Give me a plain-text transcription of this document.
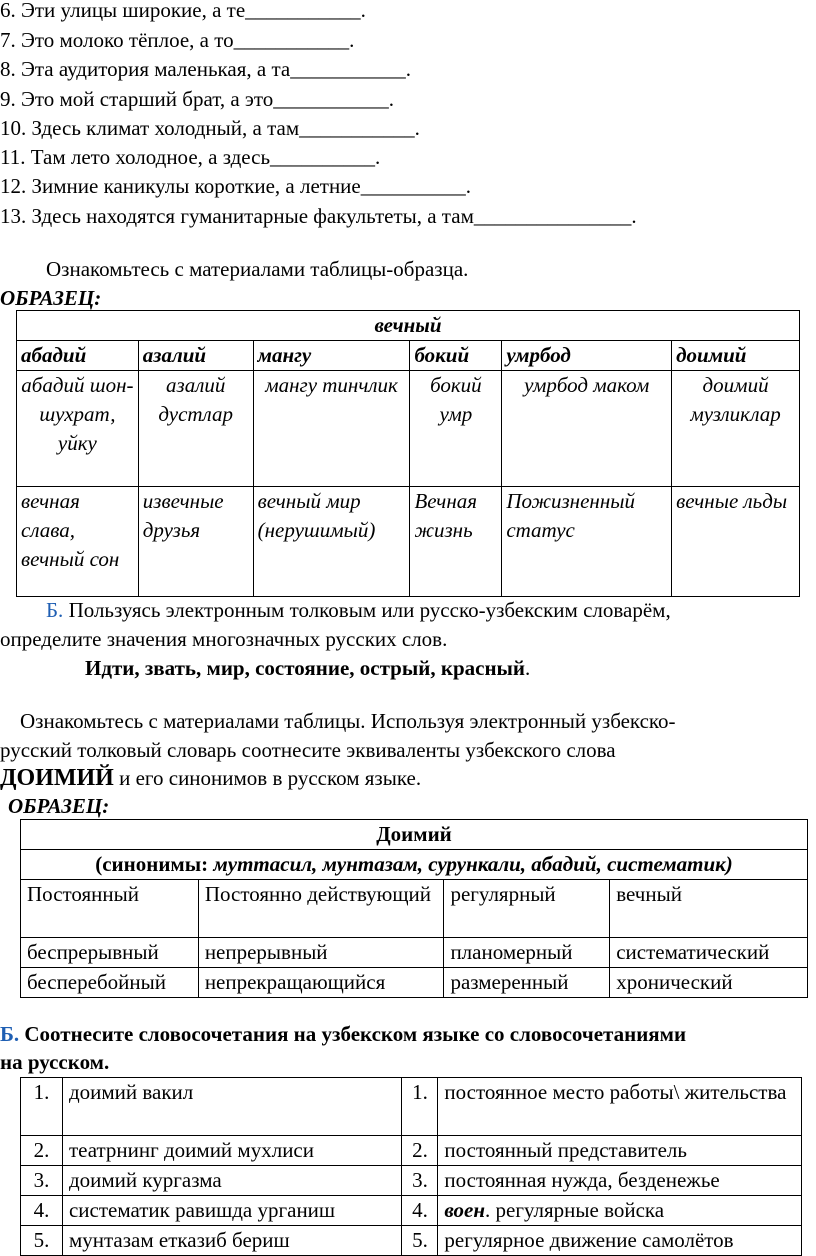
6. Эти улицы широкие, а те___________.
7. Это молоко тёплое, а то___________.
8. Эта аудитория маленькая, а та___________.
9. Это мой старший брат, а это___________.
10. Здесь климат холодный, а там___________.
11. Там лето холодное, а здесь__________.
12. Зимние каникулы короткие, а летние__________.
13. Здесь находятся гуманитарные факультеты, а там_______________.
Ознакомьтесь с материалами таблицы-образца.
ОБРАЗЕЦ:
вечный					
абадий	азалий	мангу	бокий	умрбод	доимий
абадий шон-шухрат, уйку	азалий дустлар	мангу тинчлик	бокий умр	умрбод маком	доимий музликлар
вечная слава, вечный сон	извечные друзья	вечный мир (нерушимый)	Вечная жизнь	Пожизненный статус	вечные льды
Б. Пользуясь электронным толковым или русско-узбекским словарём,
определите значения многозначных русских слов.
Идти, звать, мир, состояние, острый, красный.
Ознакомьтесь с материалами таблицы. Используя электронный узбекско-
русский толковый словарь соотнесите эквиваленты узбекского слова
ДОИМИЙ и его синонимов в русском языке.
ОБРАЗЕЦ:
Доимий			
(синонимы: муттасил, мунтазам, сурункали, абадий, систематик)			
Постоянный	Постоянно действующий	регулярный	вечный
беспрерывный	непрерывный	планомерный	систематический
бесперебойный	непрекращающийся	размеренный	хронический
Б. Соотнесите словосочетания на узбекском языке со словосочетаниями
на русском.
1.	доимий вакил	1.	постоянное место работы\ жительства
2.	театрнинг доимий мухлиси	2.	постоянный представитель
3.	доимий кургазма	3.	постоянная нужда, безденежье
4.	систематик равишда урганиш	4.	воен. регулярные войска
5.	мунтазам етказиб бериш	5.	регулярное движение самолётов
